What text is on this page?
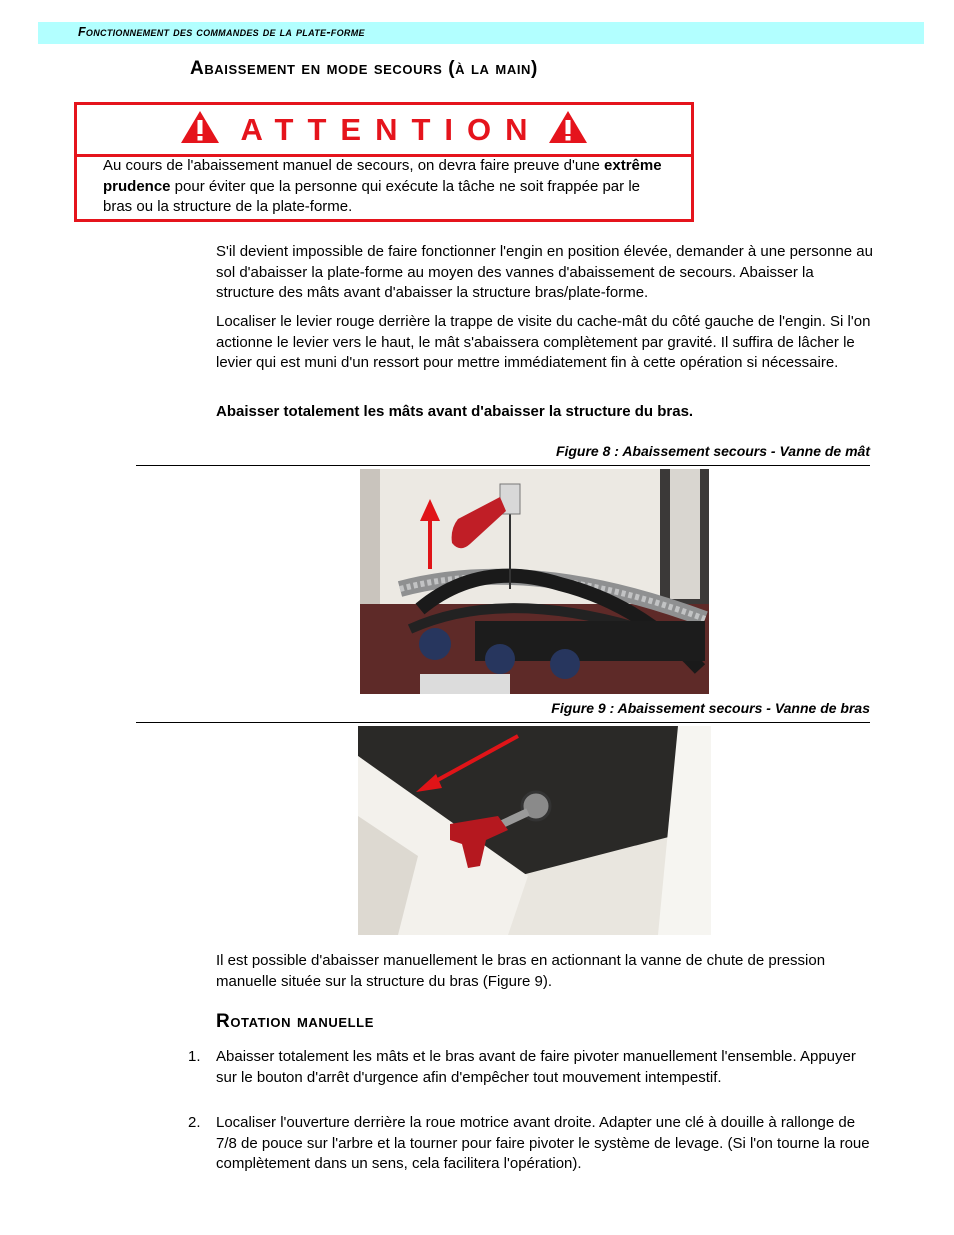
Fonctionnement des commandes de la plate-forme
Abaissement en mode secours (à la main)
ATTENTION
Au cours de l'abaissement manuel de secours, on devra faire preuve d'une extrême prudence pour éviter que la personne qui exécute la tâche ne soit frappée par le bras ou la structure de la plate-forme.
S'il devient impossible de faire fonctionner l'engin en position élevée, demander à une personne au sol d'abaisser la plate-forme au moyen des vannes d'abaissement de secours. Abaisser la structure des mâts avant d'abaisser la structure bras/plate-forme.
Localiser le levier rouge derrière la trappe de visite du cache-mât du côté gauche de l'engin. Si l'on actionne le levier vers le haut, le mât s'abaissera complètement par gravité. Il suffira de lâcher le levier qui est muni d'un ressort pour mettre immédiatement fin à cette opération si nécessaire.
Abaisser totalement les mâts avant d'abaisser la structure du bras.
Figure 8 : Abaissement secours - Vanne de mât
Figure 9 : Abaissement secours - Vanne de bras
Il est possible d'abaisser manuellement le bras en actionnant la vanne de chute de pression manuelle située sur la structure du bras (Figure 9).
Rotation manuelle
1. Abaisser totalement les mâts et le bras avant de faire pivoter manuellement l'ensemble. Appuyer sur le bouton d'arrêt d'urgence afin d'empêcher tout mouvement intempestif.
2. Localiser l'ouverture derrière la roue motrice avant droite. Adapter une clé à douille à rallonge de 7/8 de pouce sur l'arbre et la tourner pour faire pivoter le système de levage. (Si l'on tourne la roue complètement dans un sens, cela facilitera l'opération).
